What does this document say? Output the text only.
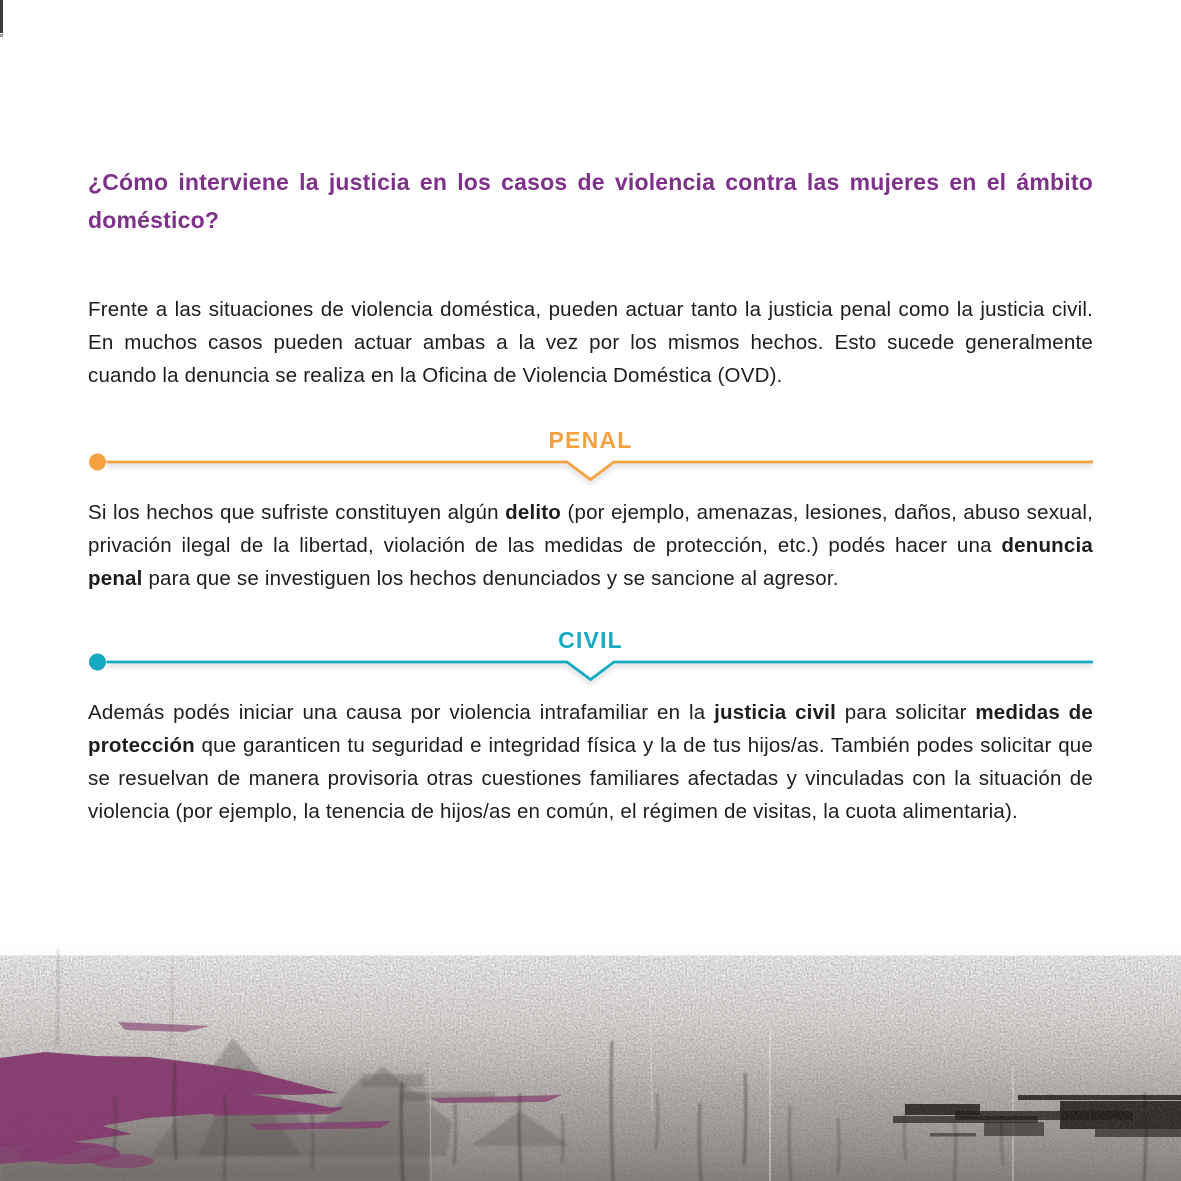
¿Cómo interviene la justicia en los casos de violencia contra las mujeres en el ámbito doméstico?

Frente a las situaciones de violencia doméstica, pueden actuar tanto la justicia penal como la justicia civil. En muchos casos pueden actuar ambas a la vez por los mismos hechos. Esto sucede generalmente cuando la denuncia se realiza en la Oficina de Violencia Doméstica (OVD).

PENAL

Si los hechos que sufriste constituyen algún delito (por ejemplo, amenazas, lesiones, daños, abuso sexual, privación ilegal de la libertad, violación de las medidas de protección, etc.) podés hacer una denuncia penal para que se investiguen los hechos denunciados y se sancione al agresor.

CIVIL

Además podés iniciar una causa por violencia intrafamiliar en la justicia civil para solicitar medidas de protección que garanticen tu seguridad e integridad física y la de tus hijos/as. También podes solicitar que se resuelvan de manera provisoria otras cuestiones familiares afectadas y vinculadas con la situación de violencia (por ejemplo, la tenencia de hijos/as en común, el régimen de visitas, la cuota alimentaria).
